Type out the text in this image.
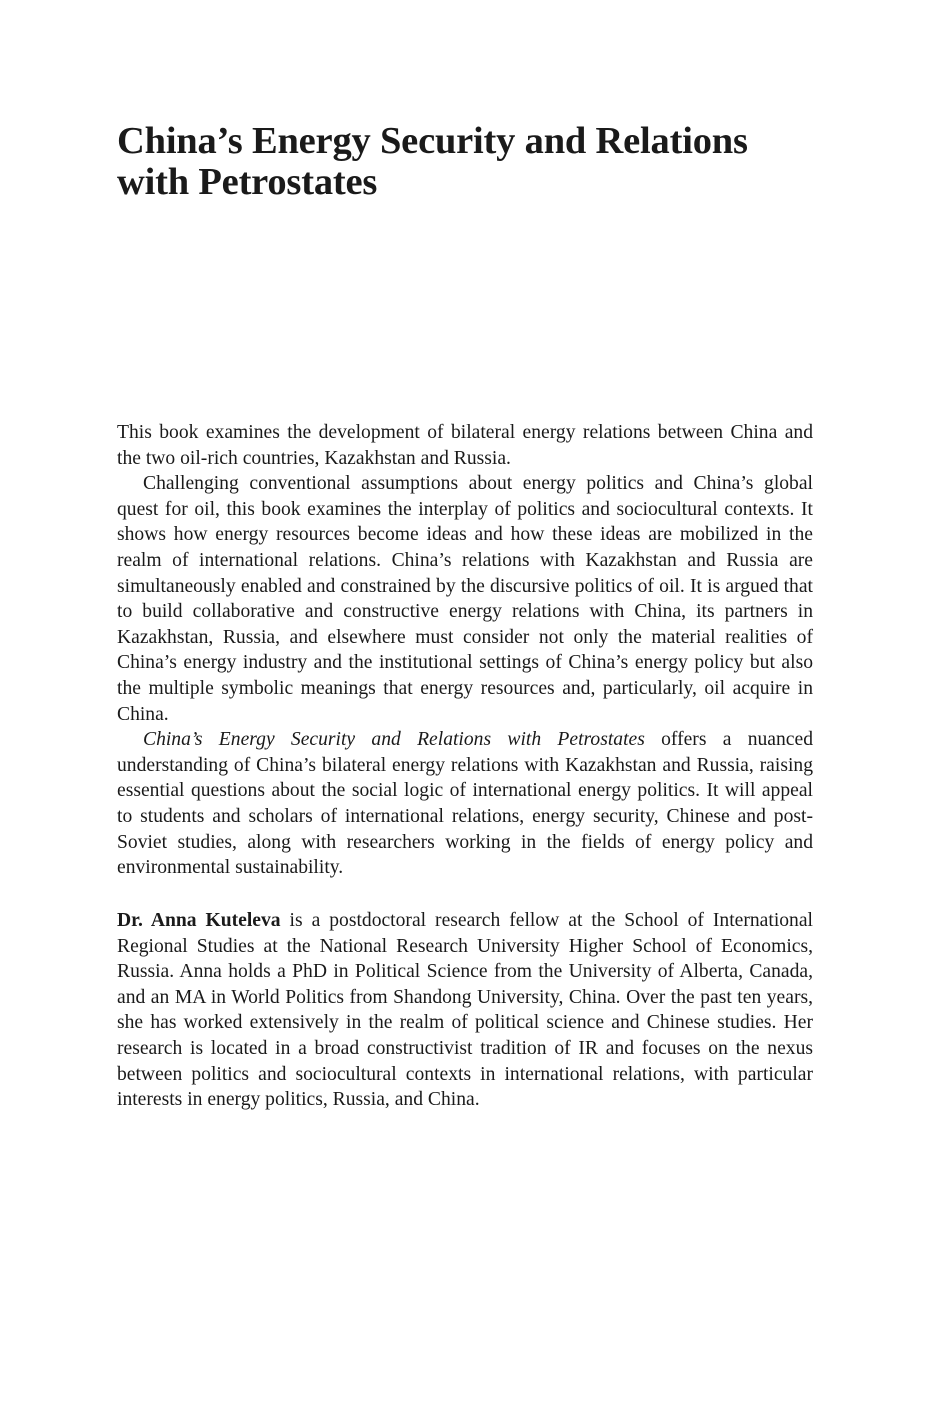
China’s Energy Security and Relations
with Petrostates

This book examines the development of bilateral energy relations between China and the two oil-rich countries, Kazakhstan and Russia.

Challenging conventional assumptions about energy politics and China’s global quest for oil, this book examines the interplay of politics and sociocultural contexts. It shows how energy resources become ideas and how these ideas are mobilized in the realm of international relations. China’s relations with Kazakhstan and Russia are simultaneously enabled and constrained by the discursive politics of oil. It is argued that to build collaborative and constructive energy relations with China, its partners in Kazakhstan, Russia, and elsewhere must consider not only the material realities of China’s energy industry and the institutional settings of China’s energy policy but also the multiple symbolic meanings that energy resources and, particularly, oil acquire in China.

China’s Energy Security and Relations with Petrostates offers a nuanced understanding of China’s bilateral energy relations with Kazakhstan and Russia, raising essential questions about the social logic of international energy politics. It will appeal to students and scholars of international relations, energy security, Chinese and post-Soviet studies, along with researchers working in the fields of energy policy and environmental sustainability.

Dr. Anna Kuteleva is a postdoctoral research fellow at the School of International Regional Studies at the National Research University Higher School of Economics, Russia. Anna holds a PhD in Political Science from the University of Alberta, Canada, and an MA in World Politics from Shandong University, China. Over the past ten years, she has worked extensively in the realm of political science and Chinese studies. Her research is located in a broad constructivist tradition of IR and focuses on the nexus between politics and sociocultural contexts in international relations, with particular interests in energy politics, Russia, and China.
